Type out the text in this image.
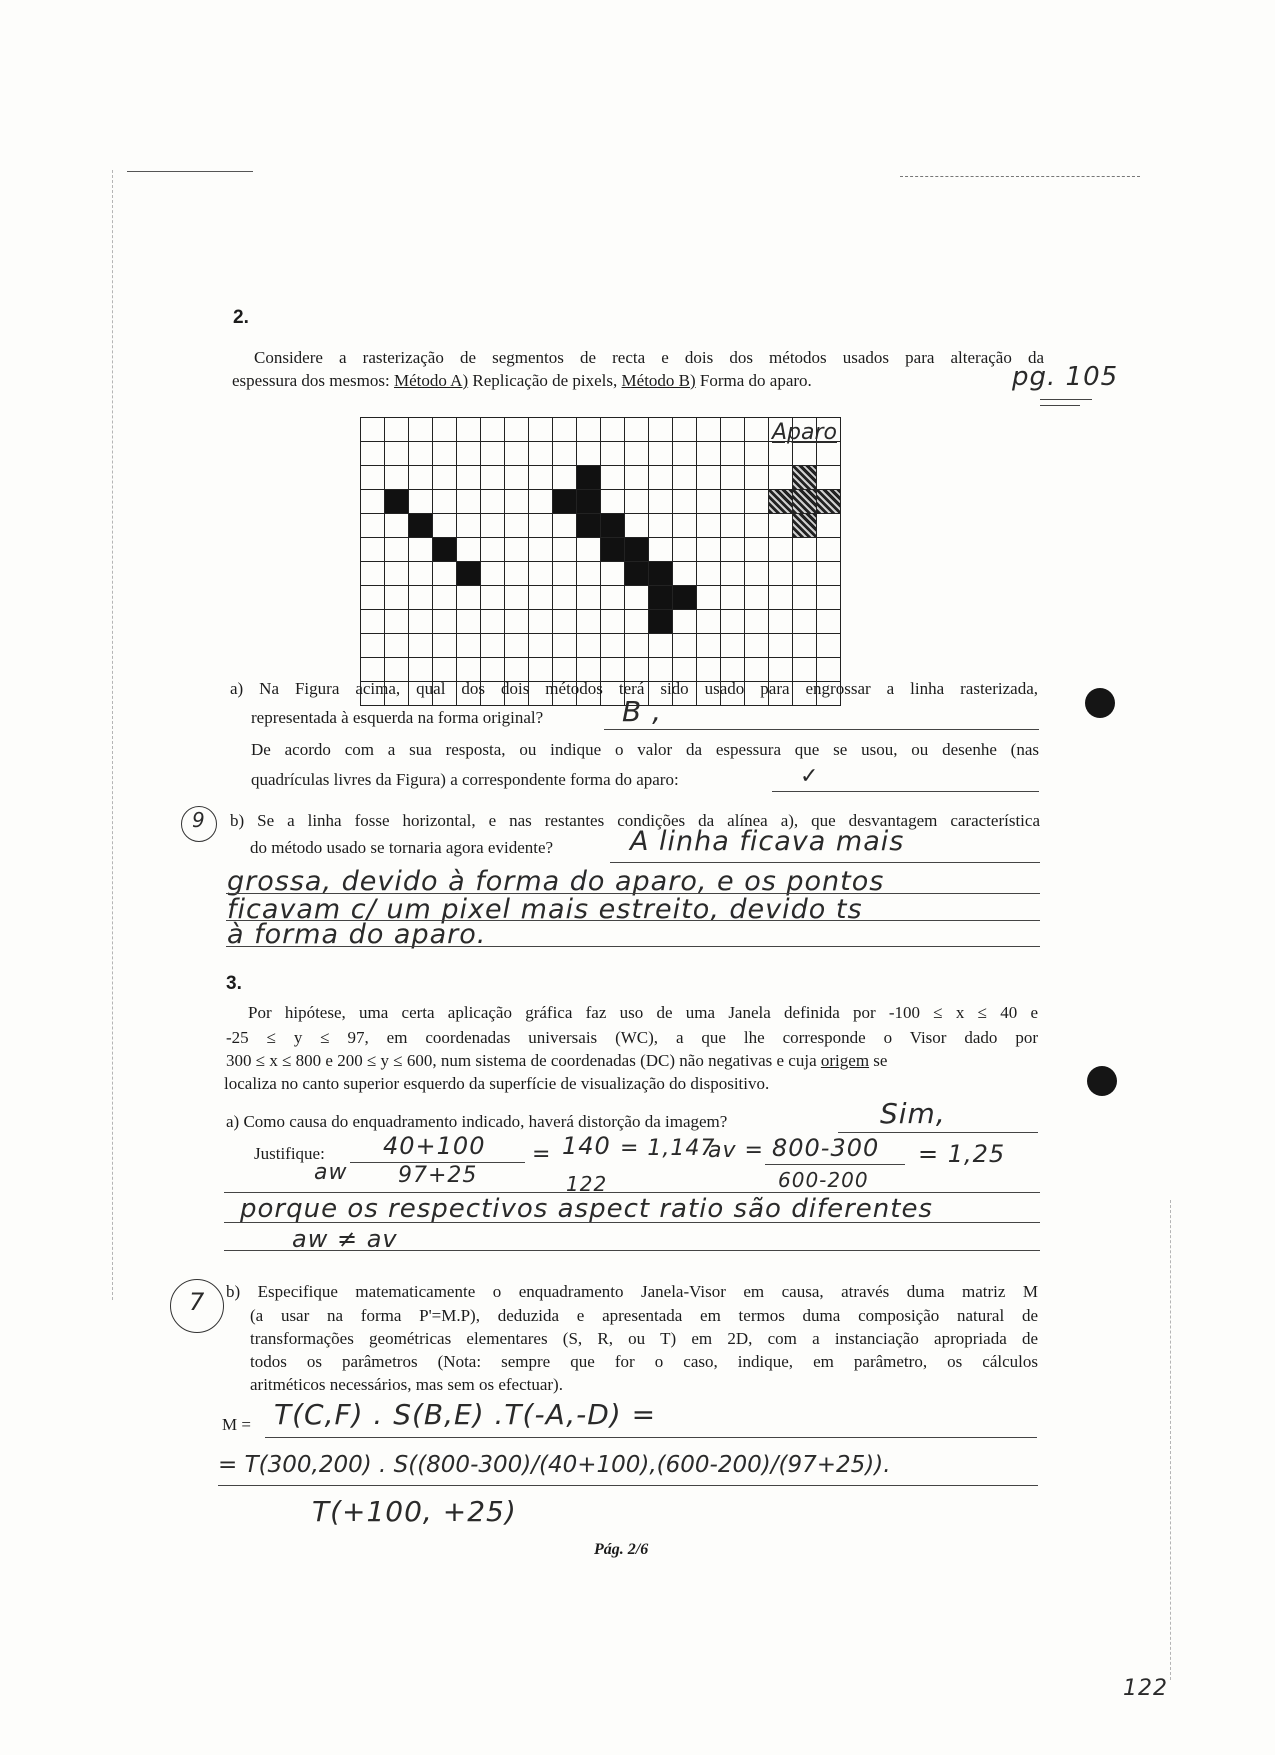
2.
Considere a rasterização de segmentos de recta e dois dos métodos usados para alteração da
espessura dos mesmos: Método A) Replicação de pixels, Método B) Forma do aparo.	pg. 105
Aparo
a) Na Figura acima, qual dos dois métodos terá sido usado para engrossar a linha rasterizada,
representada à esquerda na forma original?	B ,
De acordo com a sua resposta, ou indique o valor da espessura que se usou, ou desenhe (nas
quadrículas livres da Figura) a correspondente forma do aparo:	✓
9 b) Se a linha fosse horizontal, e nas restantes condições da alínea a), que desvantagem característica
do método usado se tornaria agora evidente?	A linha ficava mais
grossa, devido à forma do aparo, e os pontos
ficavam c/ um pixel mais estreito, devido ts
à forma do aparo.
3.
Por hipótese, uma certa aplicação gráfica faz uso de uma Janela definida por -100 ≤ x ≤ 40 e
-25 ≤ y ≤ 97, em coordenadas universais (WC), a que lhe corresponde o Visor dado por
300 ≤ x ≤ 800 e 200 ≤ y ≤ 600, num sistema de coordenadas (DC) não negativas e cuja origem se
localiza no canto superior esquerdo da superfície de visualização do dispositivo.
a) Como causa do enquadramento indicado, haverá distorção da imagem?	Sim,
Justifique: 40+100
aw 97+25
= 140
122
= 1,147
av = 800-300
600-200
= 1,25
porque os respectivos aspect ratio são diferentes
aw ≠ av
7 b) Especifique matematicamente o enquadramento Janela-Visor em causa, através duma matriz M
(a usar na forma P'=M.P), deduzida e apresentada em termos duma composição natural de
transformações geométricas elementares (S, R, ou T) em 2D, com a instanciação apropriada de
todos os parâmetros (Nota: sempre que for o caso, indique, em parâmetro, os cálculos
aritméticos necessários, mas sem os efectuar).
M = T(C,F) . S(B,E) .T(-A,-D) =
= T(300,200) . S((800-300)/(40+100),(600-200)/(97+25)).
T(+100, +25)
Pág. 2/6
122
